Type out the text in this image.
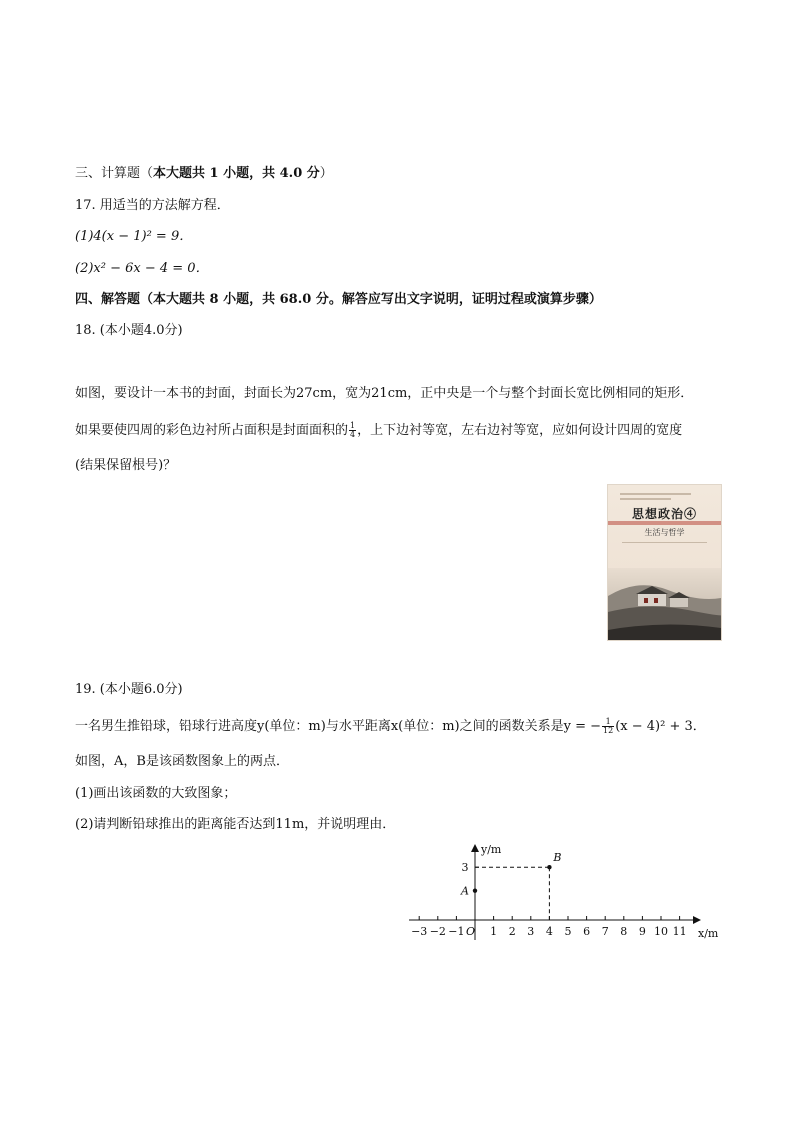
三、计算题（本大题共 1 小题，共 4.0 分）
17. 用适当的方法解方程．
(1)4(x − 1)² = 9．
(2)x² − 6x − 4 = 0．
四、解答题（本大题共 8 小题，共 68.0 分。解答应写出文字说明，证明过程或演算步骤）
18. (本小题4.0分)
如图，要设计一本书的封面，封面长为27cm，宽为21cm，正中央是一个与整个封面长宽比例相同的矩形．
如果要使四周的彩色边衬所占面积是封面面积的 $\frac{1}{4}$ ，上下边衬等宽，左右边衬等宽，应如何设计四周的宽度
(结果保留根号)？
思想政治④
生活与哲学
19. (本小题6.0分)
一名男生推铅球，铅球行进高度y(单位：m)与水平距离x(单位：m)之间的函数关系是y = − $\frac{1}{12} (x - 4)^2 + 3$．
如图，A，B是该函数图象上的两点．
(1)画出该函数的大致图象；
(2)请判断铅球推出的距离能否达到11m，并说明理由．
−3 −2 −1 1 2 3 4 5 6 7 8 9 10 11
A
B
y/m
x/m
O
3
